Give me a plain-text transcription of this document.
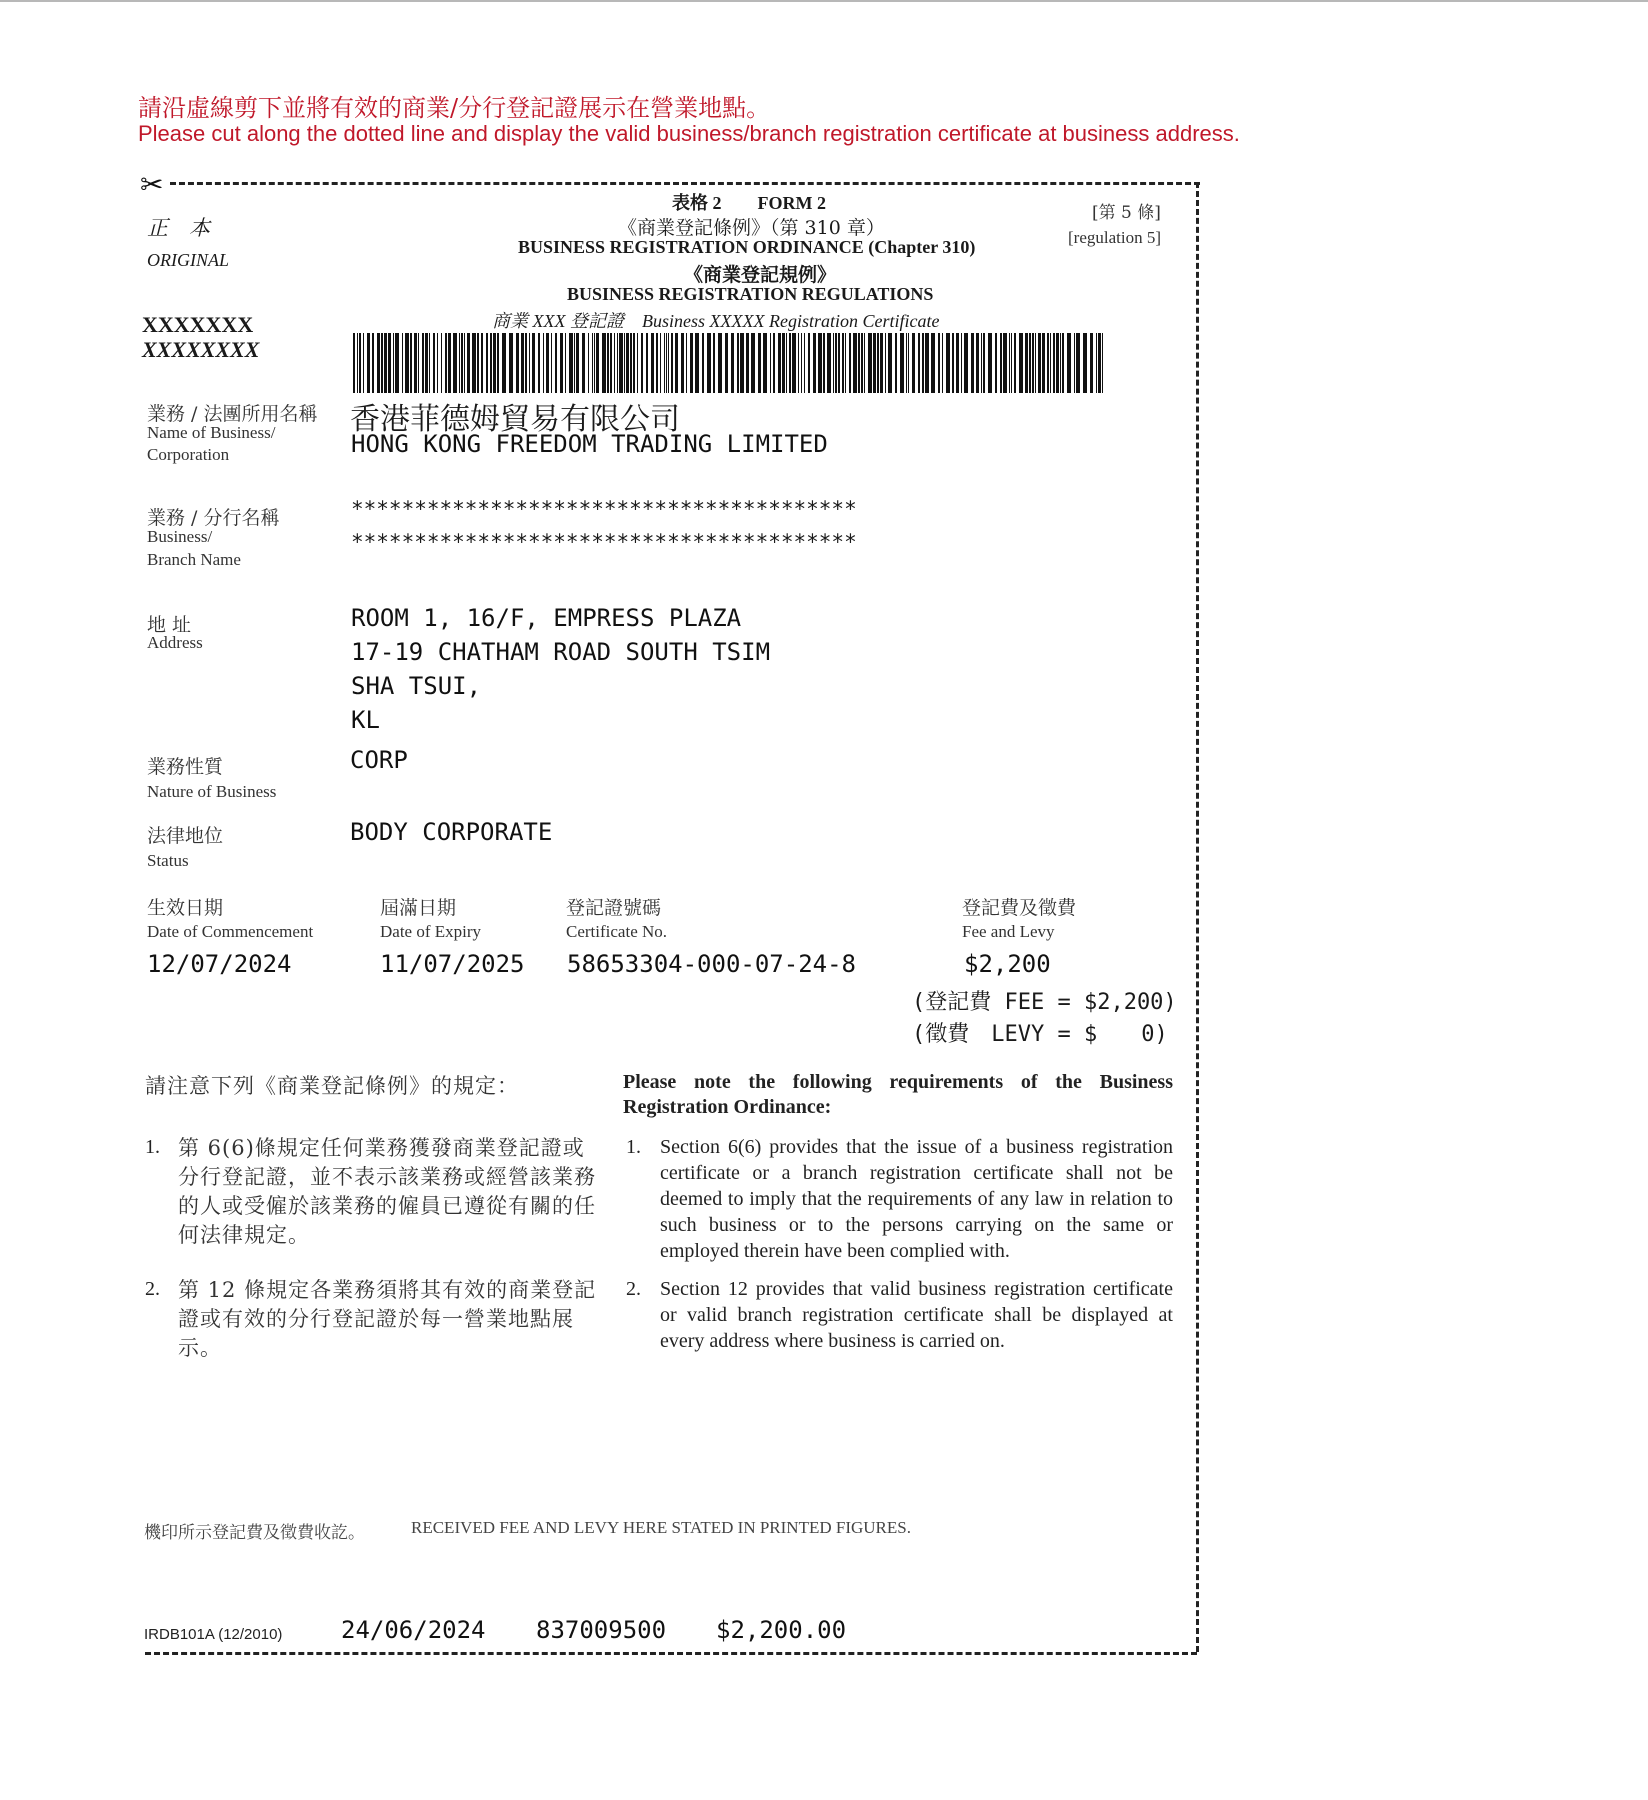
請沿虛線剪下並將有效的商業/分行登記證展示在營業地點。
Please cut along the dotted line and display the valid business/branch registration certificate at business address.
✂
正　本
ORIGINAL
XXXXXXX
XXXXXXXX
表格 2　　FORM 2
《商業登記條例》（第 310 章）
BUSINESS REGISTRATION ORDINANCE (Chapter 310)
《商業登記規例》
BUSINESS REGISTRATION REGULATIONS
商業 XXX 登記證　Business XXXXX Registration Certificate
[第 5 條]
[regulation 5]
業務 / 法團所用名稱
Name of Business/
Corporation
香港菲德姆貿易有限公司
HONG KONG FREEDOM TRADING LIMITED
業務 / 分行名稱
Business/
Branch Name
****************************************
****************************************
地 址
Address
ROOM 1, 16/F, EMPRESS PLAZA
17-19 CHATHAM ROAD SOUTH TSIM
SHA TSUI,
KL
業務性質
Nature of Business
CORP
法律地位
Status
BODY CORPORATE
生效日期
Date of Commencement
12/07/2024
屆滿日期
Date of Expiry
11/07/2025
登記證號碼
Certificate No.
58653304-000-07-24-8
登記費及徵費
Fee and Levy
$2,200
(登記費 FEE = $2,200)
(徵費　LEVY = $　　0)
請注意下列《商業登記條例》的規定：	Please note the following requirements of the Business Registration Ordinance:
1. 第 6(6)條規定任何業務獲發商業登記證或分行登記證，並不表示該業務或經營該業務的人或受僱於該業務的僱員已遵從有關的任何法律規定。
1. Section 6(6) provides that the issue of a business registration certificate or a branch registration certificate shall not be deemed to imply that the requirements of any law in relation to such business or to the persons carrying on the same or employed therein have been complied with.
2. 第 12 條規定各業務須將其有效的商業登記證或有效的分行登記證於每一營業地點展示。
2. Section 12 provides that valid business registration certificate or valid branch registration certificate shall be displayed at every address where business is carried on.
機印所示登記費及徵費收訖。	RECEIVED FEE AND LEVY HERE STATED IN PRINTED FIGURES.
IRDB101A (12/2010) 24/06/2024 837009500 $2,200.00
